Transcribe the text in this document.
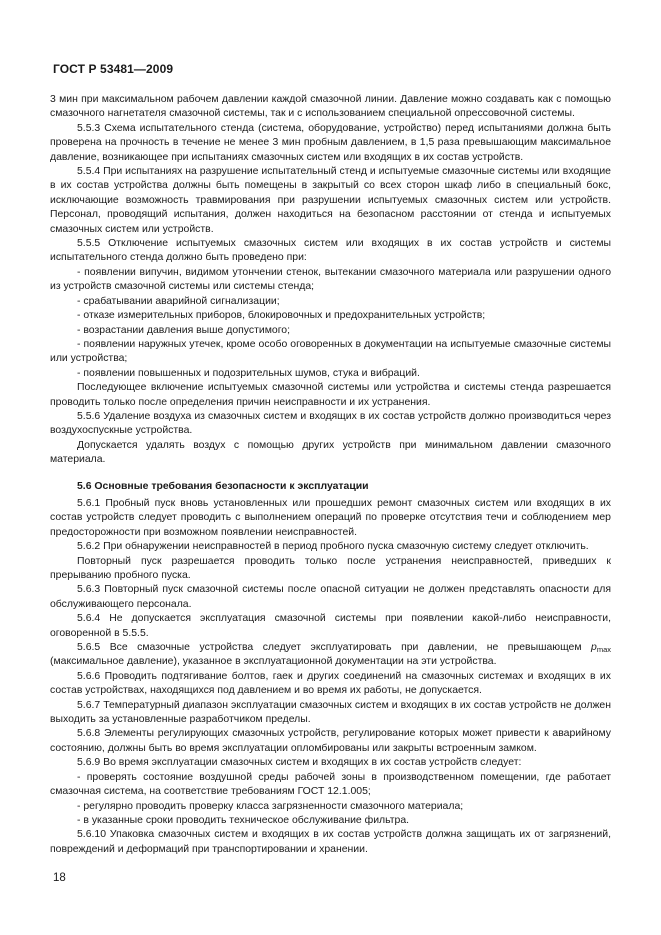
ГОСТ Р 53481—2009

3 мин при максимальном рабочем давлении каждой смазочной линии. Давление можно создавать как с помощью смазочного нагнетателя смазочной системы, так и с использованием специальной опрессовочной системы.

5.5.3 Схема испытательного стенда (система, оборудование, устройство) перед испытаниями должна быть проверена на прочность в течение не менее 3 мин пробным давлением, в 1,5 раза превышающим максимальное давление, возникающее при испытаниях смазочных систем или входящих в их состав устройств.

5.5.4 При испытаниях на разрушение испытательный стенд и испытуемые смазочные системы или входящие в их состав устройства должны быть помещены в закрытый со всех сторон шкаф либо в специальный бокс, исключающие возможность травмирования при разрушении испытуемых смазочных систем или устройств. Персонал, проводящий испытания, должен находиться на безопасном расстоянии от стенда и испытуемых смазочных систем или устройств.

5.5.5 Отключение испытуемых смазочных систем или входящих в их состав устройств и системы испытательного стенда должно быть проведено при:

- появлении випучин, видимом утончении стенок, вытекании смазочного материала или разрушении одного из устройств смазочной системы или системы стенда;

- срабатывании аварийной сигнализации;

- отказе измерительных приборов, блокировочных и предохранительных устройств;

- возрастании давления выше допустимого;

- появлении наружных утечек, кроме особо оговоренных в документации на испытуемые смазочные системы или устройства;

- появлении повышенных и подозрительных шумов, стука и вибраций.

Последующее включение испытуемых смазочной системы или устройства и системы стенда разрешается проводить только после определения причин неисправности и их устранения.

5.5.6 Удаление воздуха из смазочных систем и входящих в их состав устройств должно производиться через воздухоспускные устройства.

Допускается удалять воздух с помощью других устройств при минимальном давлении смазочного материала.

5.6 Основные требования безопасности к эксплуатации

5.6.1 Пробный пуск вновь установленных или прошедших ремонт смазочных систем или входящих в их состав устройств следует проводить с выполнением операций по проверке отсутствия течи и соблюдением мер предосторожности при возможном появлении неисправностей.

5.6.2 При обнаружении неисправностей в период пробного пуска смазочную систему следует отключить.

Повторный пуск разрешается проводить только после устранения неисправностей, приведших к прерыванию пробного пуска.

5.6.3 Повторный пуск смазочной системы после опасной ситуации не должен представлять опасности для обслуживающего персонала.

5.6.4 Не допускается эксплуатация смазочной системы при появлении какой-либо неисправности, оговоренной в 5.5.5.

5.6.5 Все смазочные устройства следует эксплуатировать при давлении, не превышающем $p_{max}$ (максимальное давление), указанное в эксплуатационной документации на эти устройства.

5.6.6 Проводить подтягивание болтов, гаек и других соединений на смазочных системах и входящих в их состав устройствах, находящихся под давлением и во время их работы, не допускается.

5.6.7 Температурный диапазон эксплуатации смазочных систем и входящих в их состав устройств не должен выходить за установленные разработчиком пределы.

5.6.8 Элементы регулирующих смазочных устройств, регулирование которых может привести к аварийному состоянию, должны быть во время эксплуатации опломбированы или закрыты встроенным замком.

5.6.9 Во время эксплуатации смазочных систем и входящих в их состав устройств следует:

- проверять состояние воздушной среды рабочей зоны в производственном помещении, где работает смазочная система, на соответствие требованиям ГОСТ 12.1.005;

- регулярно проводить проверку класса загрязненности смазочного материала;

- в указанные сроки проводить техническое обслуживание фильтра.

5.6.10 Упаковка смазочных систем и входящих в их состав устройств должна защищать их от загрязнений, повреждений и деформаций при транспортировании и хранении.

18
